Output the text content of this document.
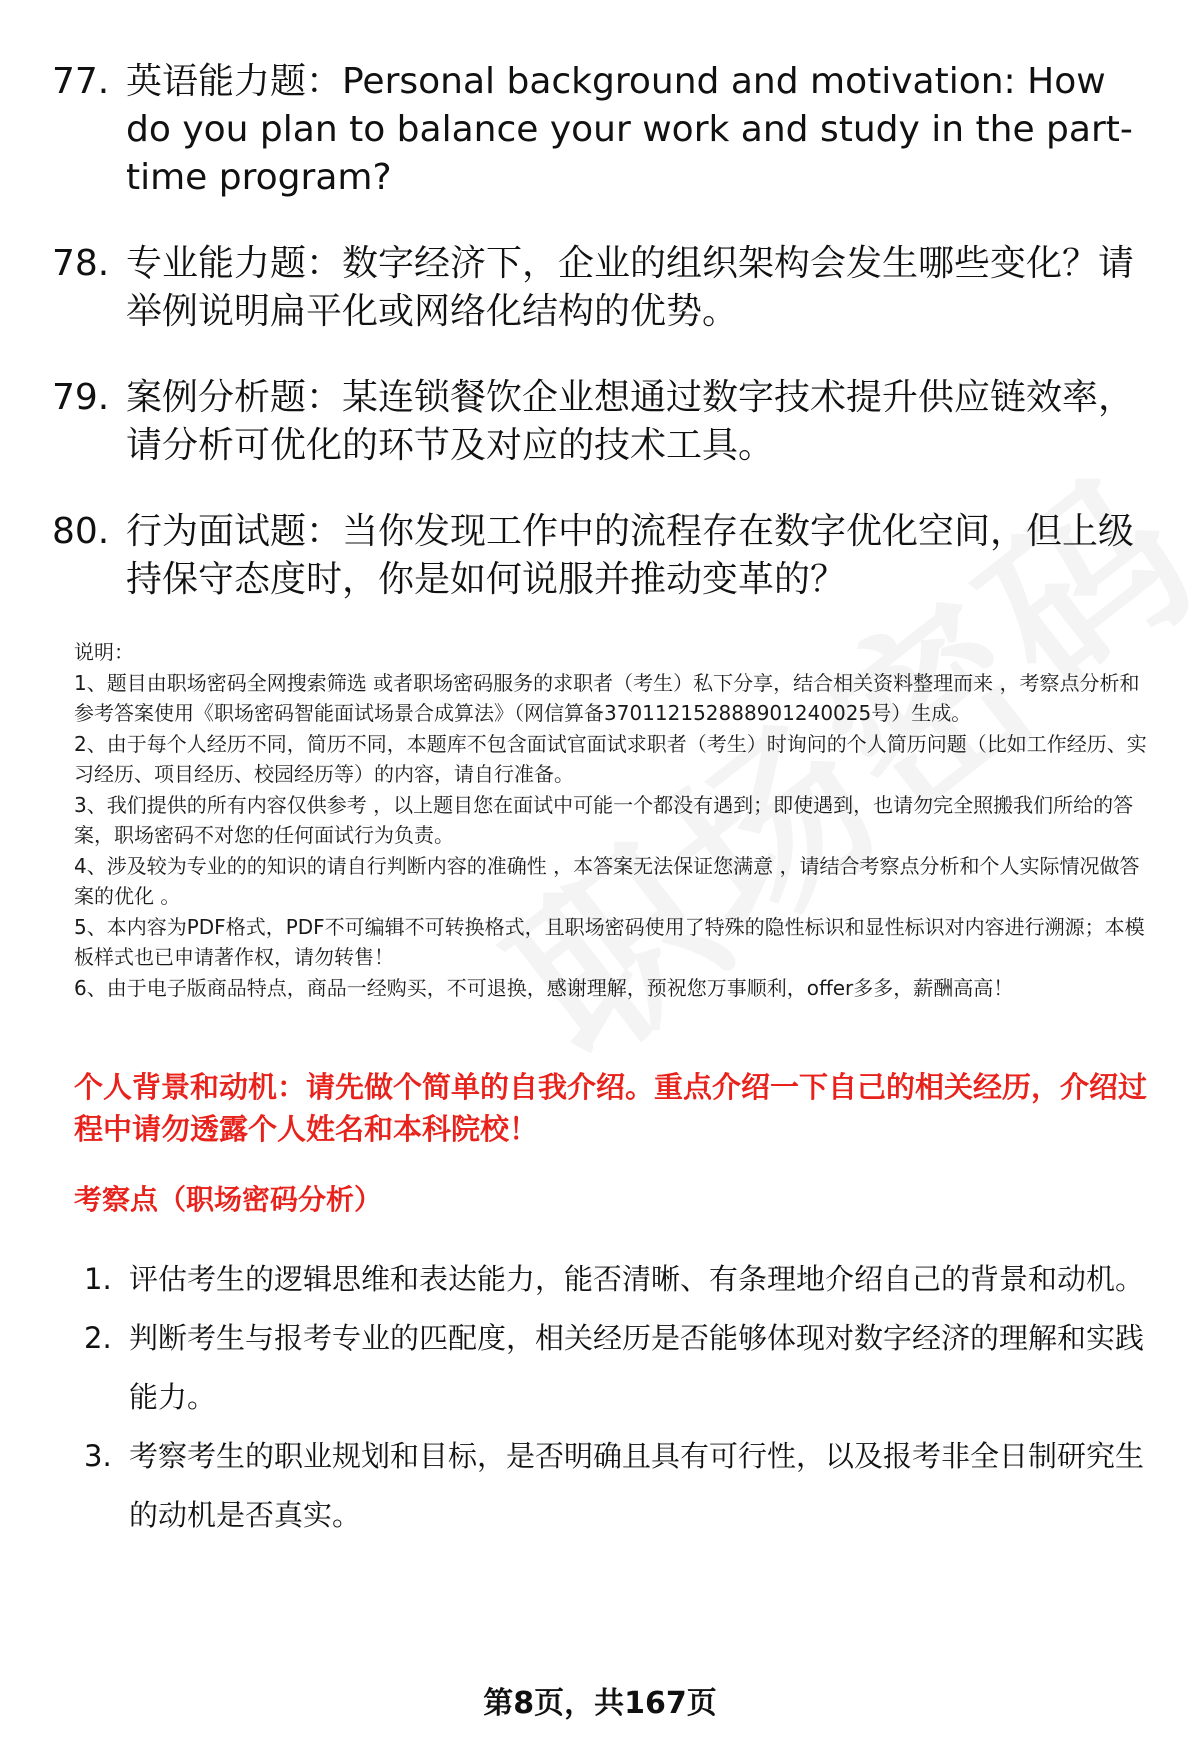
77. 英语能力题：Personal background and motivation: How do you plan to balance your work and study in the part-time program?
78. 专业能力题：数字经济下，企业的组织架构会发生哪些变化？请举例说明扁平化或网络化结构的优势。
79. 案例分析题：某连锁餐饮企业想通过数字技术提升供应链效率，请分析可优化的环节及对应的技术工具。
80. 行为面试题：当你发现工作中的流程存在数字优化空间，但上级持保守态度时，你是如何说服并推动变革的？

说明：

1、题目由职场密码全网搜索筛选 或者职场密码服务的求职者（考生）私下分享，结合相关资料整理而来 ，考察点分析和参考答案使用《职场密码智能面试场景合成算法》（网信算备370112152888901240025号）生成。

2、由于每个人经历不同，简历不同，本题库不包含面试官面试求职者（考生）时询问的个人简历问题（比如工作经历、实习经历、项目经历、校园经历等）的内容，请自行准备。

3、我们提供的所有内容仅供参考 ，以上题目您在面试中可能一个都没有遇到；即使遇到，也请勿完全照搬我们所给的答案，职场密码不对您的任何面试行为负责。

4、涉及较为专业的的知识的请自行判断内容的准确性 ，本答案无法保证您满意 ，请结合考察点分析和个人实际情况做答案的优化 。

5、本内容为PDF格式，PDF不可编辑不可转换格式，且职场密码使用了特殊的隐性标识和显性标识对内容进行溯源；本模板样式也已申请著作权，请勿转售！

6、由于电子版商品特点，商品一经购买，不可退换，感谢理解，预祝您万事顺利，offer多多，薪酬高高！

个人背景和动机：请先做个简单的自我介绍。重点介绍一下自己的相关经历，介绍过程中请勿透露个人姓名和本科院校！
考察点（职场密码分析）
1. 评估考生的逻辑思维和表达能力，能否清晰、有条理地介绍自己的背景和动机。
2. 判断考生与报考专业的匹配度，相关经历是否能够体现对数字经济的理解和实践能力。
3. 考察考生的职业规划和目标，是否明确且具有可行性，以及报考非全日制研究生的动机是否真实。
第8页，共167页
